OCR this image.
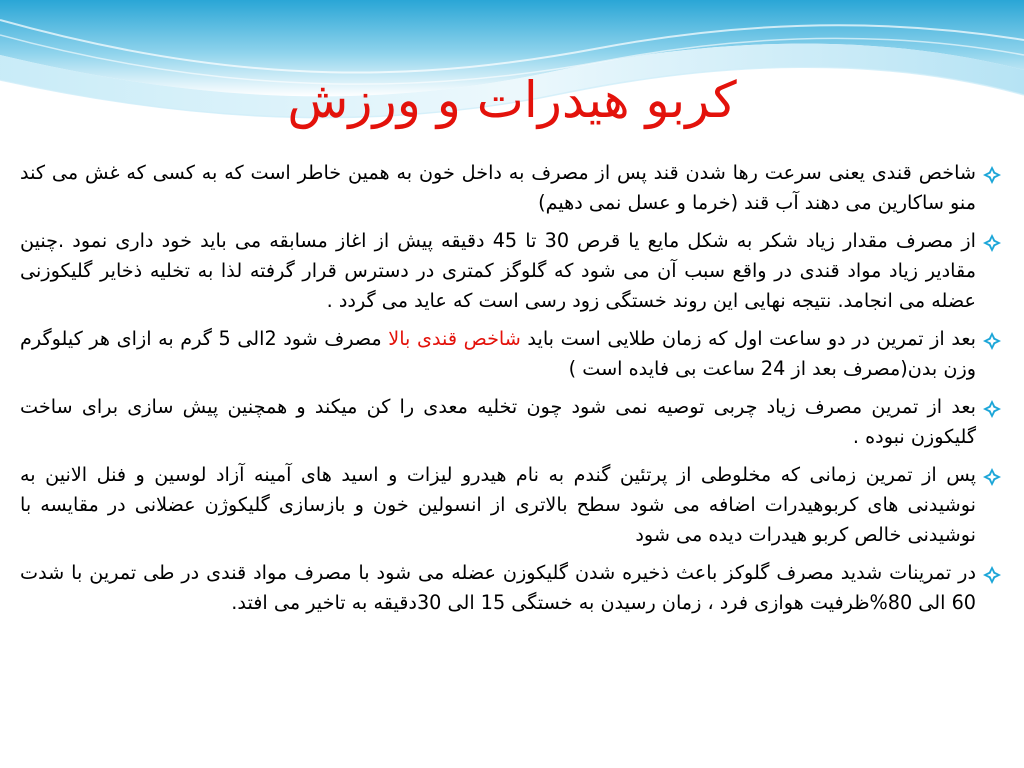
کربو هیدرات و ورزش

شاخص قندی یعنی سرعت رها شدن قند پس از مصرف به داخل خون به همین خاطر است که به کسی که غش می کند منو ساکارین می دهند آب قند (خرما و عسل نمی دهیم)

از مصرف مقدار زیاد شکر به شکل مایع یا قرص 30 تا 45 دقیقه پیش از اغاز مسابقه می باید خود داری نمود .چنین مقادیر زیاد مواد قندی در واقع سبب آن می شود که گلوگز کمتری در دسترس قرار گرفته لذا به تخلیه ذخایر گلیکوزنی عضله می انجامد. نتیجه نهایی این روند خستگی زود رسی است که عاید می گردد .

بعد از تمرین در دو ساعت اول که زمان طلایی است باید شاخص قندی بالا مصرف شود 2الی 5 گرم به ازای هر کیلوگرم وزن بدن(مصرف بعد از 24 ساعت بی فایده است )

بعد از تمرین مصرف زیاد چربی توصیه نمی شود چون تخلیه معدی را کن میکند و همچنین پیش سازی برای ساخت گلیکوزن نبوده .

پس از تمرین زمانی که مخلوطی از پرتئین گندم به نام هیدرو لیزات و اسید های آمینه آزاد لوسین و فنل الانین به نوشیدنی های کربوهیدرات اضافه می شود سطح بالاتری از انسولین خون و بازسازی گلیکوژن عضلانی در مقایسه با نوشیدنی خالص کربو هیدرات دیده می شود

در تمرینات شدید مصرف گلوکز باعث ذخیره شدن گلیکوزن عضله می شود با مصرف مواد قندی در طی تمرین با شدت 60 الی 80%ظرفیت هوازی فرد ، زمان رسیدن به خستگی 15 الی 30دقیقه به تاخیر می افتد.
